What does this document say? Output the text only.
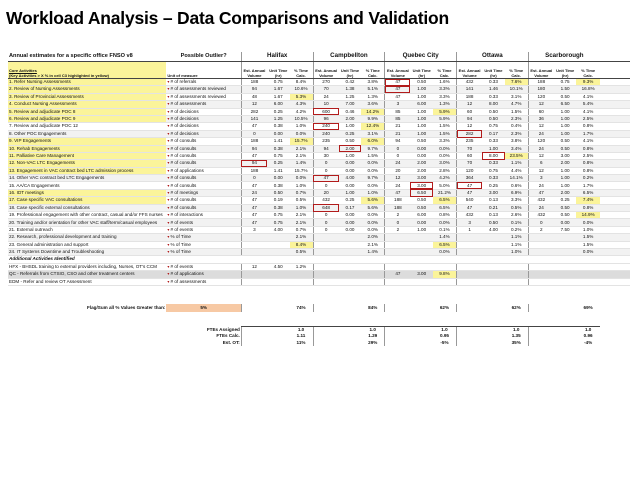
Workload Analysis – Data Comparisons and Validation
Annual estimates for a specific office FNSO v8	Possible Outlier?	Halifax			Campbellton			Quebec City			Ottawa			Scarborough			

Core Activities
(Key Activities > X % in cell C3 highlighted in yellow)	Unit of measure	Est. Annual Volume	Unit Time (hr)	% Time Calc.	Est. Annual Volume	Unit Time (hr)	% Time Calc.	Est. Annual Volume	Unit Time (hr)	% Time Calc.	Est. Annual Volume	Unit Time (hr)	% Time Calc.	Est. Annual Volume	Unit Time (hr)	% Time Calc.	
1. Refer Nursing Assessments	▾ # of referrals	188	0.75	8.4%	270	0.42	3.8%	47	0.50	1.6%	432	0.33	7.6%	188	0.75	9.3%	
2. Review of Nursing Assessments	▾ # of assessments reviewed	94	1.67	10.6%	70	1.38	5.1%	47	1.00	3.3%	141	1.46	10.1%	180	1.50	16.8%	
3. Review of Provincial Assessments	▾ # of assessments reviewed	48	1.67	5.3%	24	1.25	1.3%	47	1.00	3.3%	188	0.33	3.1%	120	0.50	4.1%	
4. Conduct Nursing Assessments	▾ # of assessments	12	6.00	4.3%	10	7.00	3.6%	3	6.00	1.3%	12	8.00	4.7%	12	6.50	5.4%	
5. Review and adjudicate POC 8	▾ # of decisions	282	0.25	4.2%	600	0.46	14.2%	85	1.00	5.9%	60	0.50	1.5%	60	1.00	4.1%	
6. Review and adjudicate POC 9	▾ # of decisions	141	1.25	10.5%	96	2.00	9.9%	85	1.00	5.9%	94	0.50	2.3%	36	1.00	2.5%	
7. Review and adjudicate POC 12	▾ # of decisions	47	0.38	1.0%	240	1.00	12.4%	21	1.00	1.5%	12	0.75	0.4%	12	1.00	0.8%	
8. Other POC Engagements	▾ # of decisions	0	0.00	0.0%	240	0.25	3.1%	21	1.00	1.5%	282	0.17	2.3%	24	1.00	1.7%	
9. VIP Engagements	▾ # of consults	188	1.41	15.7%	235	0.50	6.0%	94	0.50	3.3%	235	0.33	3.8%	120	0.50	4.1%	
10. Rehab Engagements	▾ # of consults	94	0.38	2.1%	94	2.00	9.7%	0	0.00	0.0%	70	1.00	3.4%	24	0.50	0.8%	
11. Palliative Care Management	▾ # of consults	47	0.75	2.1%	30	1.00	1.5%	0	0.00	0.0%	60	8.00	23.5%	12	3.00	2.5%	
12. Non-VAC LTC Engagements	▾ # of consults	94	0.25	1.4%	0	0.00	0.0%	24	2.00	3.0%	70	0.33	1.1%	6	2.00	0.8%	
13. Engagement in VAC contract bed LTC admission process	▾ # of applications	188	1.41	15.7%	0	0.00	0.0%	20	2.00	2.8%	120	0.75	4.4%	12	1.00	0.8%	
14. Other VAC contract bed LTC Engagements	▾ # of consults	0	0.00	0.0%	47	4.00	9.7%	12	3.00	4.2%	364	0.33	14.1%	3	1.00	0.2%	
15. AA/CA Engagements	▾ # of consults	47	0.38	1.0%	0	0.00	0.0%	24	3.00	5.0%	47	0.25	0.6%	24	1.00	1.7%	
16. IDT meetings	▾ # of meetings	24	0.50	0.7%	20	1.00	1.0%	47	6.50	21.2%	47	3.00	6.9%	47	2.00	6.5%	
17. Case specific VAC consultations	▾ # of consults	47	0.19	0.5%	432	0.25	5.6%	188	0.50	6.5%	540	0.13	3.3%	432	0.25	7.4%	
18. Case specific external consultations	▾ # of consults	47	0.38	1.0%	648	0.17	5.6%	188	0.50	6.5%	47	0.21	0.5%	24	0.50	0.8%	
19. Professional engagement with other contract, casual and/or FFS nurses	▾ # of interactions	47	0.75	2.1%	0	0.00	0.0%	2	6.00	0.8%	432	0.13	2.6%	432	0.50	14.9%	
20. Training and/or orientation for other VAC staff/term/casual employees	▾ # of events	47	0.75	2.1%	0	0.00	0.0%	0	0.00	0.0%	3	0.50	0.1%	0	0.00	0.0%	
21. External outreach	▾ # of events	3	4.00	0.7%	0	0.00	0.0%	2	1.00	0.1%	1	4.00	0.2%	2	7.50	1.0%	
22. Research, professional development and training	▾ % of Time			2.1%			2.0%			1.4%			1.1%			1.5%	
23. General administration and support	▾ % of Time			8.4%			2.1%			6.5%			1.1%			1.5%	
24. IT Systems Downtime and Troubleshooting	▾ % of Time			0.5%			1.4%			0.0%			1.0%			0.0%	
Additional Activities Identified																	
HFX - BHSDL training to external providers including, Nurses, OT's CCM	▾ # of events	12	4.50	1.2%													
QC - Referrals from CTSIO, CSO and other treatment centers	▾ # of applications							47	3.00	9.8%							
EDM - Refer and review OT Assessment	▾ # of assessments																

Flag/Sum all % Values Greater than:	5%			74%			84%			62%			62%			69%	

	FTEs Assigned			1.0			1.0			1.0			1.0			1.0	
	FTEs Calc.			1.11			1.29			0.95			1.35			0.96	
	Est. OT:			11%			29%			-5%			35%			-4%	
